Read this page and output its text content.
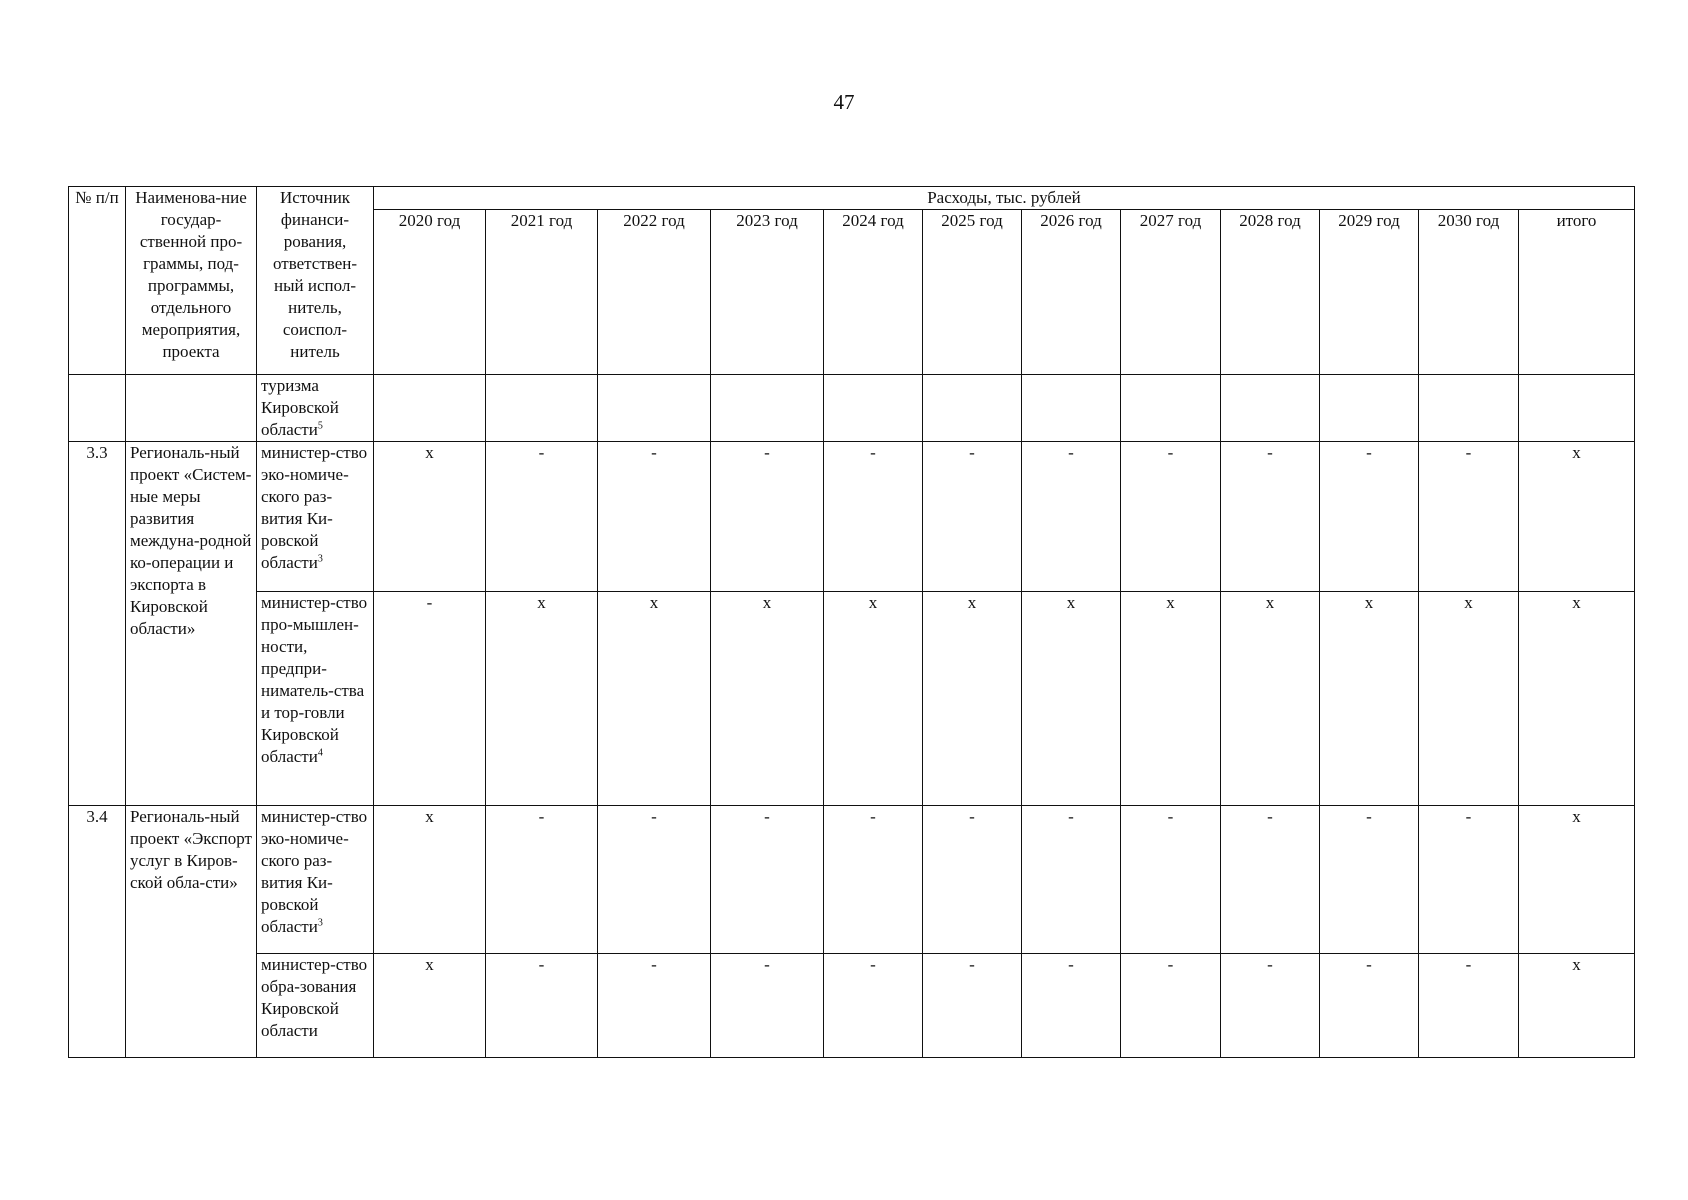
47
№ п/п	Наименова-ние государ-ственной про-граммы, под-программы, отдельного мероприятия, проекта	Источник финанси-рования, ответствен-ный испол-нитель, соиспол-нитель	Расходы, тыс. рублей											
			2020 год	2021 год	2022 год	2023 год	2024 год	2025 год	2026 год	2027 год	2028 год	2029 год	2030 год	итого
		туризма Кировской области$^5$												
3.3	Региональ-ный проект «Систем-ные меры развития междуна-родной ко-операции и экспорта в Кировской области»	министер-ство эко-номиче-ского раз-вития Ки-ровской области$^3$	х	-	-	-	-	-	-	-	-	-	-	х
		министер-ство про-мышлен-ности, предпри-ниматель-ства и тор-говли Кировской области$^4$	-	х	х	х	х	х	х	х	х	х	х	х
3.4	Региональ-ный проект «Экспорт услуг в Киров-ской обла-сти»	министер-ство эко-номиче-ского раз-вития Ки-ровской области$^3$	х	-	-	-	-	-	-	-	-	-	-	х
		министер-ство обра-зования Кировской области	х	-	-	-	-	-	-	-	-	-	-	х
